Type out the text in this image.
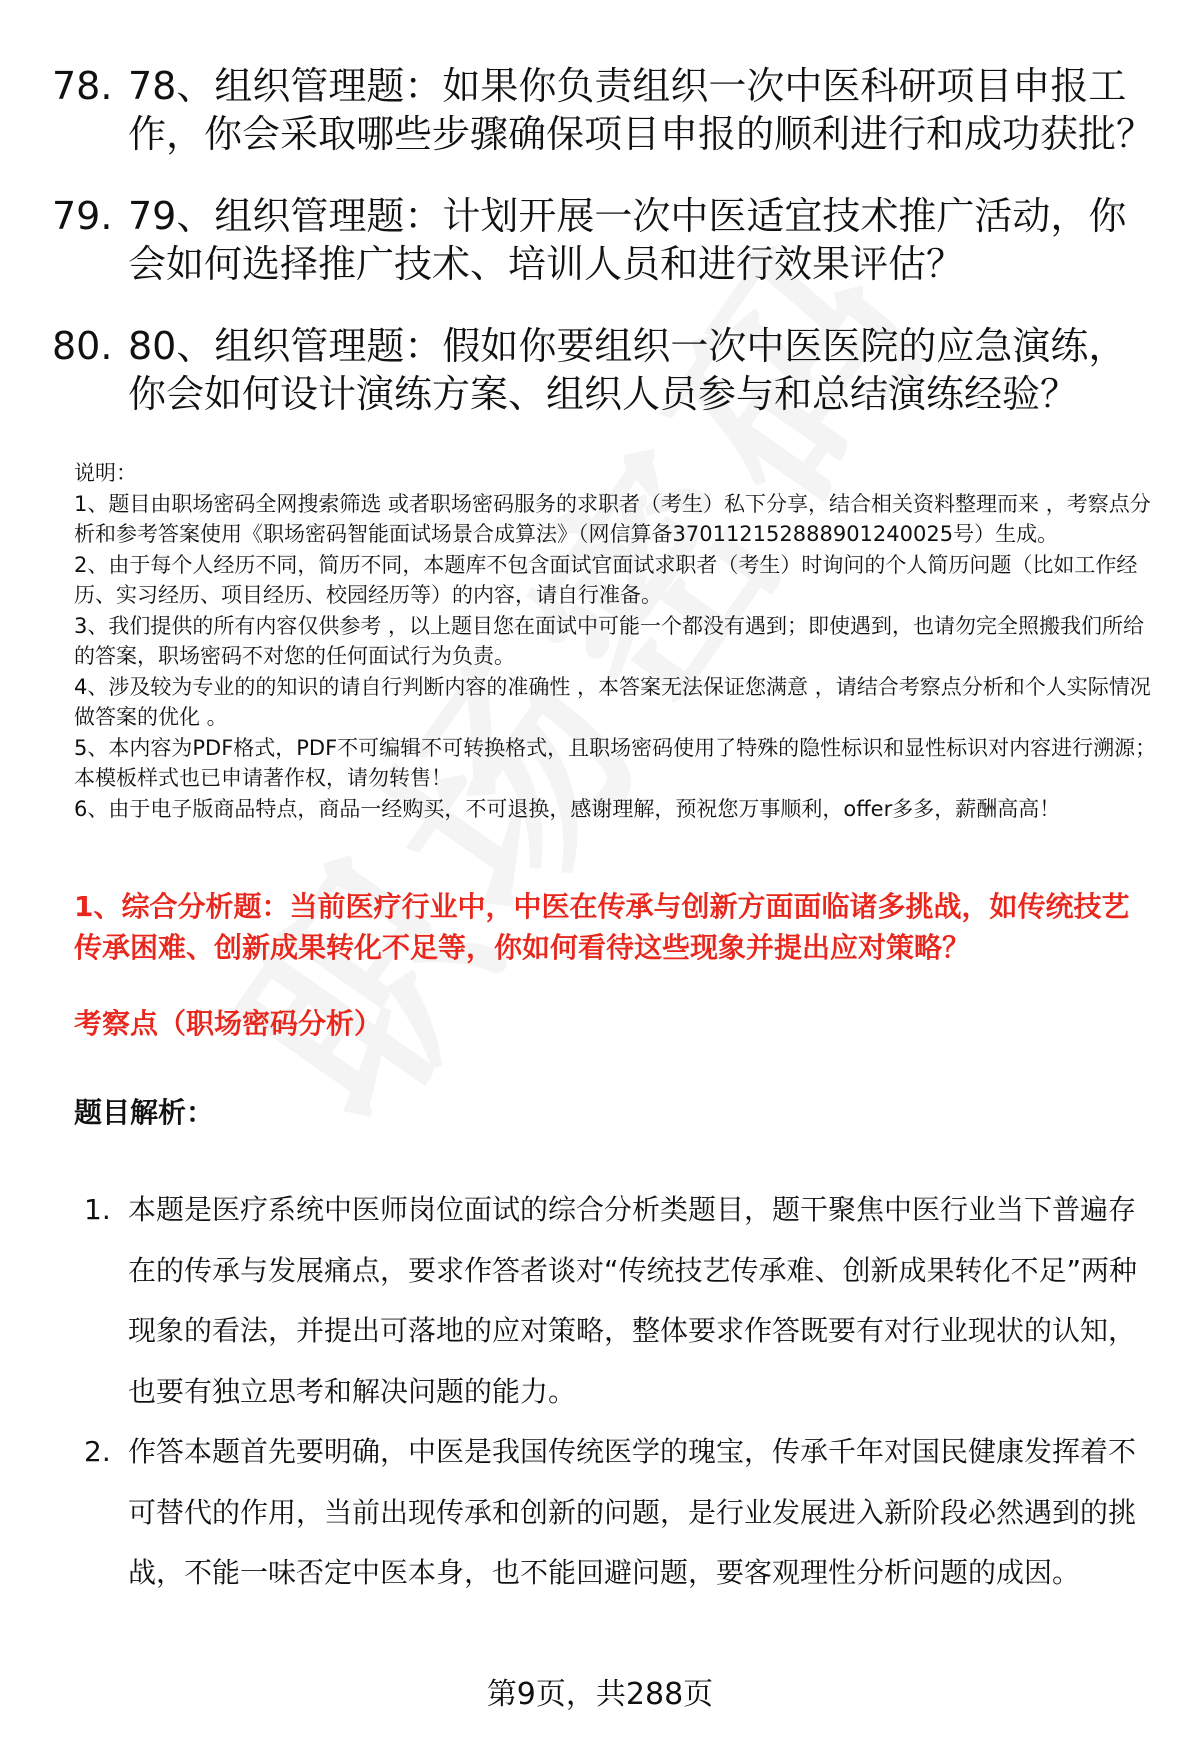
78. 78、组织管理题：如果你负责组织一次中医科研项目申报工作，你会采取哪些步骤确保项目申报的顺利进行和成功获批？
79. 79、组织管理题：计划开展一次中医适宜技术推广活动，你会如何选择推广技术、培训人员和进行效果评估？
80. 80、组织管理题：假如你要组织一次中医医院的应急演练，你会如何设计演练方案、组织人员参与和总结演练经验？

说明：

1、题目由职场密码全网搜索筛选 或者职场密码服务的求职者（考生）私下分享，结合相关资料整理而来 ，考察点分析和参考答案使用《职场密码智能面试场景合成算法》（网信算备370112152888901240025号）生成。

2、由于每个人经历不同，简历不同，本题库不包含面试官面试求职者（考生）时询问的个人简历问题（比如工作经历、实习经历、项目经历、校园经历等）的内容，请自行准备。

3、我们提供的所有内容仅供参考 ，以上题目您在面试中可能一个都没有遇到；即使遇到，也请勿完全照搬我们所给的答案，职场密码不对您的任何面试行为负责。

4、涉及较为专业的的知识的请自行判断内容的准确性 ，本答案无法保证您满意 ，请结合考察点分析和个人实际情况做答案的优化 。

5、本内容为PDF格式，PDF不可编辑不可转换格式，且职场密码使用了特殊的隐性标识和显性标识对内容进行溯源；本模板样式也已申请著作权，请勿转售！

6、由于电子版商品特点，商品一经购买，不可退换，感谢理解，预祝您万事顺利，offer多多，薪酬高高！

1、综合分析题：当前医疗行业中，中医在传承与创新方面面临诸多挑战，如传统技艺传承困难、创新成果转化不足等，你如何看待这些现象并提出应对策略？
考察点（职场密码分析）
题目解析：
1. 本题是医疗系统中医师岗位面试的综合分析类题目，题干聚焦中医行业当下普遍存在的传承与发展痛点，要求作答者谈对“传统技艺传承难、创新成果转化不足”两种现象的看法，并提出可落地的应对策略，整体要求作答既要有对行业现状的认知，也要有独立思考和解决问题的能力。
2. 作答本题首先要明确，中医是我国传统医学的瑰宝，传承千年对国民健康发挥着不可替代的作用，当前出现传承和创新的问题，是行业发展进入新阶段必然遇到的挑战，不能一味否定中医本身，也不能回避问题，要客观理性分析问题的成因。
第9页，共288页
